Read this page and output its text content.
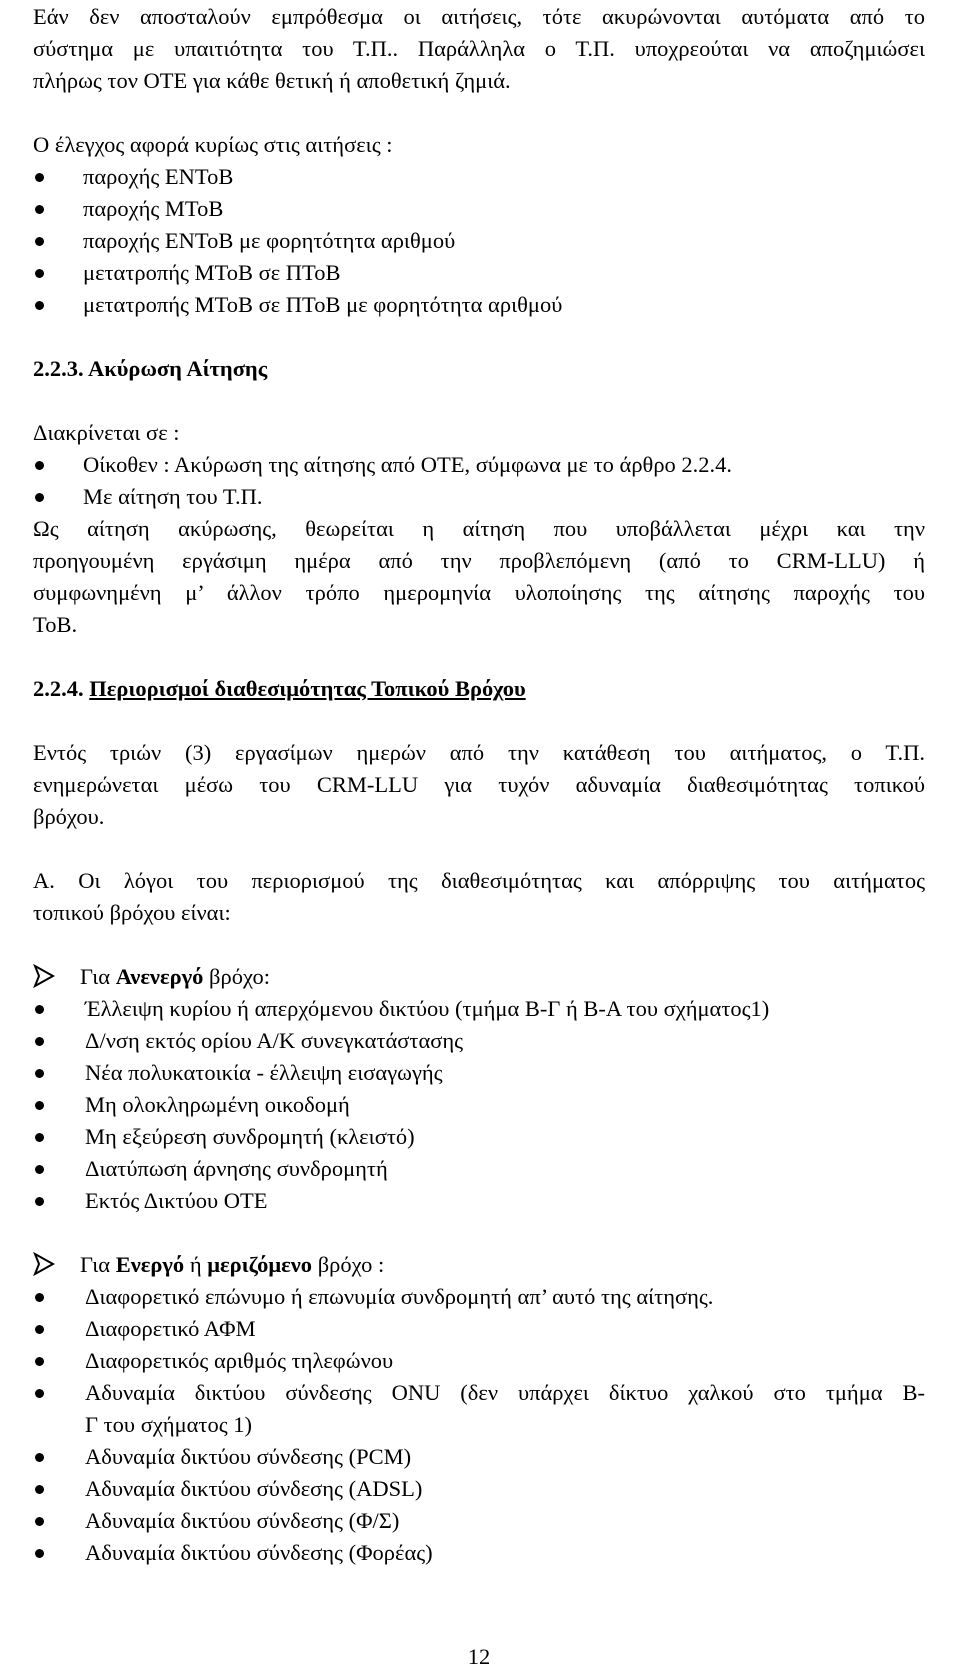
Εάν δεν αποσταλούν εμπρόθεσμα οι αιτήσεις, τότε ακυρώνονται αυτόματα από το
σύστημα με υπαιτιότητα του Τ.Π.. Παράλληλα ο Τ.Π. υποχρεούται να αποζημιώσει
πλήρως τον ΟΤΕ για κάθε θετική ή αποθετική ζημιά.
Ο έλεγχος αφορά κυρίως στις αιτήσεις :
παροχής ΕΝΤοΒ
παροχής ΜΤοΒ
παροχής ΕΝΤοΒ με φορητότητα αριθμού
μετατροπής ΜΤοΒ σε ΠΤοΒ
μετατροπής ΜΤοΒ σε ΠΤοΒ με φορητότητα αριθμού
2.2.3. Ακύρωση Αίτησης
Διακρίνεται σε :
Οίκοθεν : Ακύρωση της αίτησης από ΟΤΕ, σύμφωνα με το άρθρο 2.2.4.
Με αίτηση του Τ.Π.
Ως αίτηση ακύρωσης, θεωρείται η αίτηση που υποβάλλεται μέχρι και την
προηγουμένη εργάσιμη ημέρα από την προβλεπόμενη (από το CRM-LLU) ή
συμφωνημένη μ’ άλλον τρόπο ημερομηνία υλοποίησης της αίτησης παροχής του
ΤοΒ.
2.2.4. Περιορισμοί διαθεσιμότητας Τοπικού Βρόχου
Εντός τριών (3) εργασίμων ημερών από την κατάθεση του αιτήματος, ο Τ.Π.
ενημερώνεται μέσω του CRM-LLU για τυχόν αδυναμία διαθεσιμότητας τοπικού
βρόχου.
Α. Οι λόγοι του περιορισμού της διαθεσιμότητας και απόρριψης του αιτήματος
τοπικού βρόχου είναι:
Για Ανενεργό βρόχο:
Έλλειψη κυρίου ή απερχόμενου δικτύου (τμήμα Β-Γ ή Β-Α του σχήματος1)
Δ/νση εκτός ορίου Α/Κ συνεγκατάστασης
Νέα πολυκατοικία - έλλειψη εισαγωγής
Μη ολοκληρωμένη οικοδομή
Μη εξεύρεση συνδρομητή (κλειστό)
Διατύπωση άρνησης συνδρομητή
Εκτός Δικτύου ΟΤΕ
Για Ενεργό ή μεριζόμενο βρόχο :
Διαφορετικό επώνυμο ή επωνυμία συνδρομητή απ’ αυτό της αίτησης.
Διαφορετικό ΑΦΜ
Διαφορετικός αριθμός τηλεφώνου
Αδυναμία δικτύου σύνδεσης ONU (δεν υπάρχει δίκτυο χαλκού στο τμήμα Β-
Γ του σχήματος 1)
Αδυναμία δικτύου σύνδεσης (PCM)
Αδυναμία δικτύου σύνδεσης (ADSL)
Αδυναμία δικτύου σύνδεσης (Φ/Σ)
Αδυναμία δικτύου σύνδεσης (Φορέας)
12
